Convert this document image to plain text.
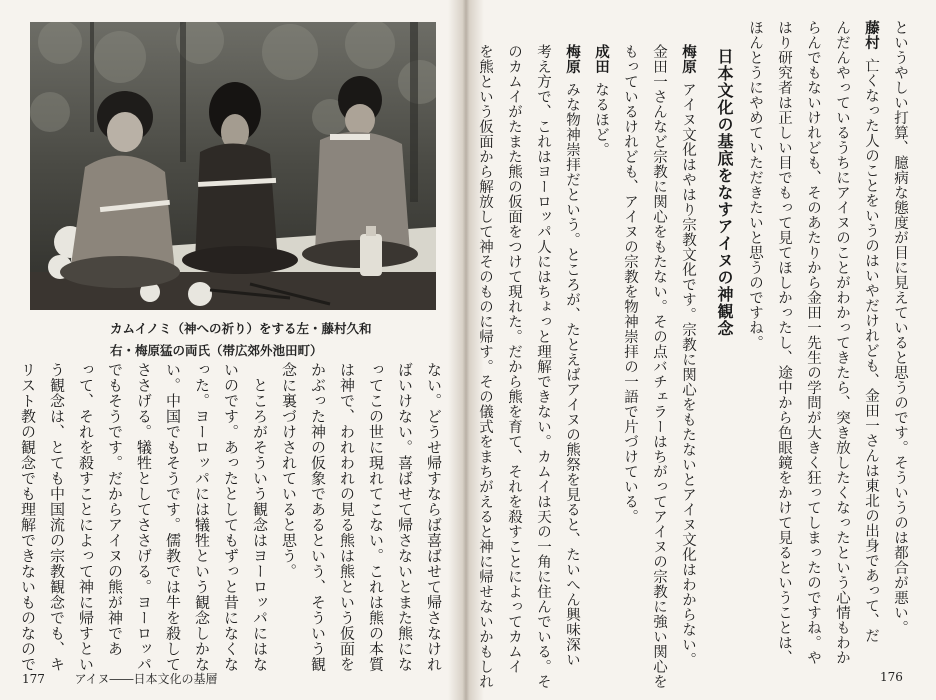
カムイノミ（神への祈り）をする左・藤村久和
右・梅原猛の両氏（帯広郊外池田町）
ない。どうせ帰すならば喜ばせて帰さなけれ
ばいけない。喜ばせて帰さないとまた熊にな
ってこの世に現れてこない。これは熊の本質
は神で、われわれの見る熊は熊という仮面を
かぶった神の仮象であるという、そういう観
念に裏づけされていると思う。
　ところがそういう観念はヨーロッパにはな
いのです。あったとしてもずっと昔になくな
った。ヨーロッパには犠牲という観念しかな
い。中国でもそうです。儒教では牛を殺して
ささげる。犠牲としてささげる。ヨーロッパ
でもそうです。だからアイヌの熊が神であ
って、それを殺すことによって神に帰すとい
う観念は、とても中国流の宗教観念でも、キ
リスト教の観念でも理解できないものなので
177 アイヌ――日本文化の基層
というやしい打算、臆病な態度が目に見えていると思うのです。そういうのは都合が悪い。
藤村亡くなった人のことをいうのはいやだけれども、金田一さんは東北の出身であって、だ
んだんやっているうちにアイヌのことがわかってきたら、突き放したくなったという心情もわか
らんでもないけれども、そのあたりから金田一先生の学問が大きく狂ってしまったのですね。や
はり研究者は正しい目でもって見てほしかったし、途中から色眼鏡をかけて見るということは、
ほんとうにやめていただきたいと思うのですね。
日本文化の基底をなすアイヌの神観念
梅原アイヌ文化はやはり宗教文化です。宗教に関心をもたないとアイヌ文化はわからない。
金田一さんなど宗教に関心をもたない。その点バチェラーはちがってアイヌの宗教に強い関心を
もっているけれども、アイヌの宗教を物神崇拝の一語で片づけている。
成田なるほど。
梅原みな物神崇拝だという。ところが、たとえばアイヌの熊祭を見ると、たいへん興味深い
考え方で、これはヨーロッパ人にはちょっと理解できない。カムイは天の一角に住んでいる。そ
のカムイがたまた熊の仮面をつけて現れた。だから熊を育て、それを殺すことによってカムイ
を熊という仮面から解放して神そのものに帰す。その儀式をまちがえると神に帰せないかもしれ	176
